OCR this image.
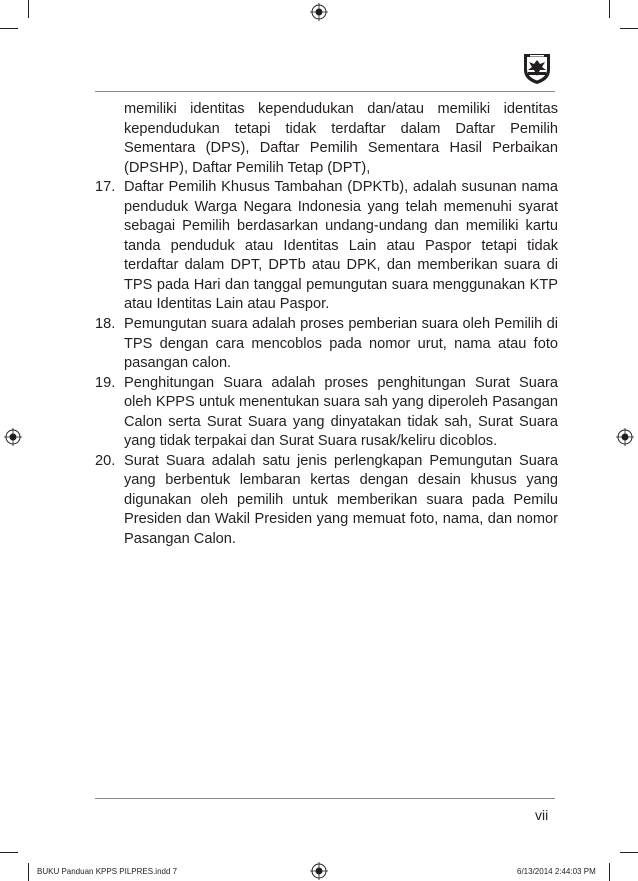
memiliki identitas kependudukan dan/atau memiliki identitas kependudukan tetapi tidak terdaftar dalam Daftar Pemilih Sementara (DPS), Daftar Pemilih Sementara Hasil Perbaikan (DPSHP), Daftar Pemilih Tetap (DPT),
17. Daftar Pemilih Khusus Tambahan (DPKTb), adalah susunan nama penduduk Warga Negara Indonesia yang telah memenuhi syarat sebagai Pemilih berdasarkan undang-undang dan memiliki kartu tanda penduduk atau Identitas Lain atau Paspor tetapi tidak terdaftar dalam DPT, DPTb atau DPK, dan memberikan suara di TPS pada Hari dan tanggal pemungutan suara menggunakan KTP atau Identitas Lain atau Paspor.
18. Pemungutan suara adalah proses pemberian suara oleh Pemilih di TPS dengan cara mencoblos pada nomor urut, nama atau foto pasangan calon.
19. Penghitungan Suara adalah proses penghitungan Surat Suara oleh KPPS untuk menentukan suara sah yang diperoleh Pasangan Calon serta Surat Suara yang dinyatakan tidak sah, Surat Suara yang tidak terpakai dan Surat Suara rusak/keliru dicoblos.
20. Surat Suara adalah satu jenis perlengkapan Pemungutan Suara yang berbentuk lembaran kertas dengan desain khusus yang digunakan oleh pemilih untuk memberikan suara pada Pemilu Presiden dan Wakil Presiden yang memuat foto, nama, dan nomor Pasangan Calon.
vii
BUKU Panduan KPPS PILPRES.indd 7	6/13/2014 2:44:03 PM
